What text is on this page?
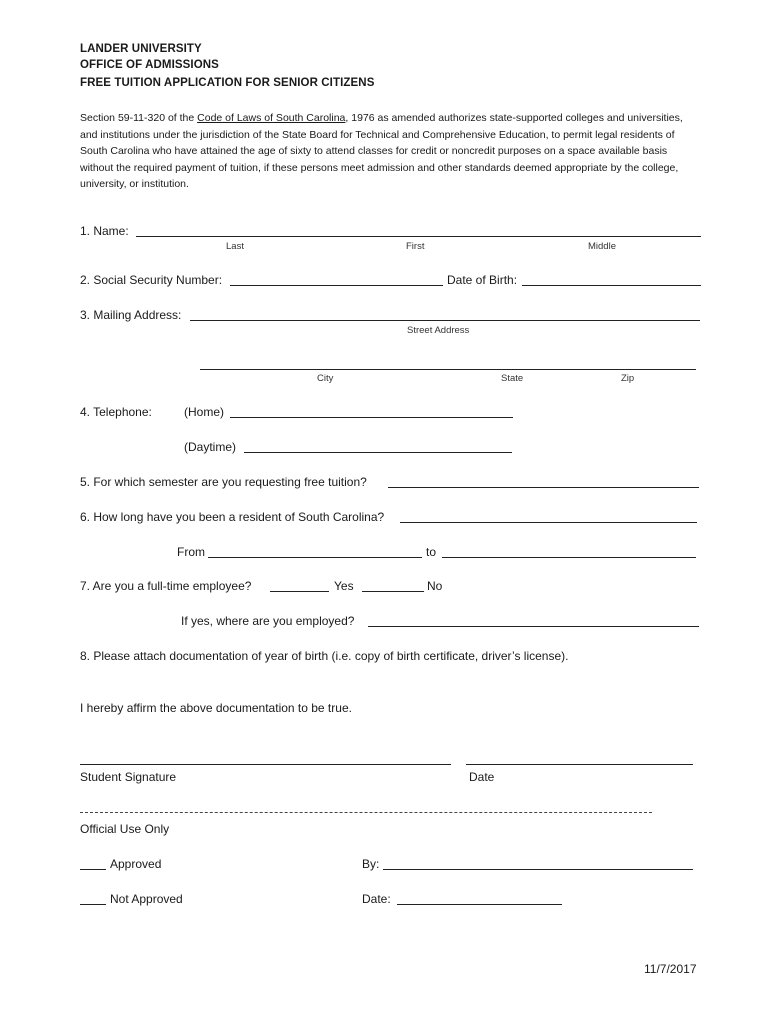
LANDER UNIVERSITY
OFFICE OF ADMISSIONS
FREE TUITION APPLICATION FOR SENIOR CITIZENS
Section 59-11-320 of the Code of Laws of South Carolina, 1976 as amended authorizes state-supported colleges and universities, and institutions under the jurisdiction of the State Board for Technical and Comprehensive Education, to permit legal residents of South Carolina who have attained the age of sixty to attend classes for credit or noncredit purposes on a space available basis without the required payment of tuition, if these persons meet admission and other standards deemed appropriate by the college, university, or institution.
1. Name:
Last	First	Middle
2. Social Security Number:	Date of Birth:
3. Mailing Address:
Street Address
City	State	Zip
4. Telephone:	(Home)
(Daytime)
5. For which semester are you requesting free tuition?
6. How long have you been a resident of South Carolina?
From	to
7. Are you a full-time employee?	Yes	No
If yes, where are you employed?
8. Please attach documentation of year of birth (i.e. copy of birth certificate, driver’s license).
I hereby affirm the above documentation to be true.
Student Signature	Date
Official Use Only
Approved	By:
Not Approved	Date:
11/7/2017
